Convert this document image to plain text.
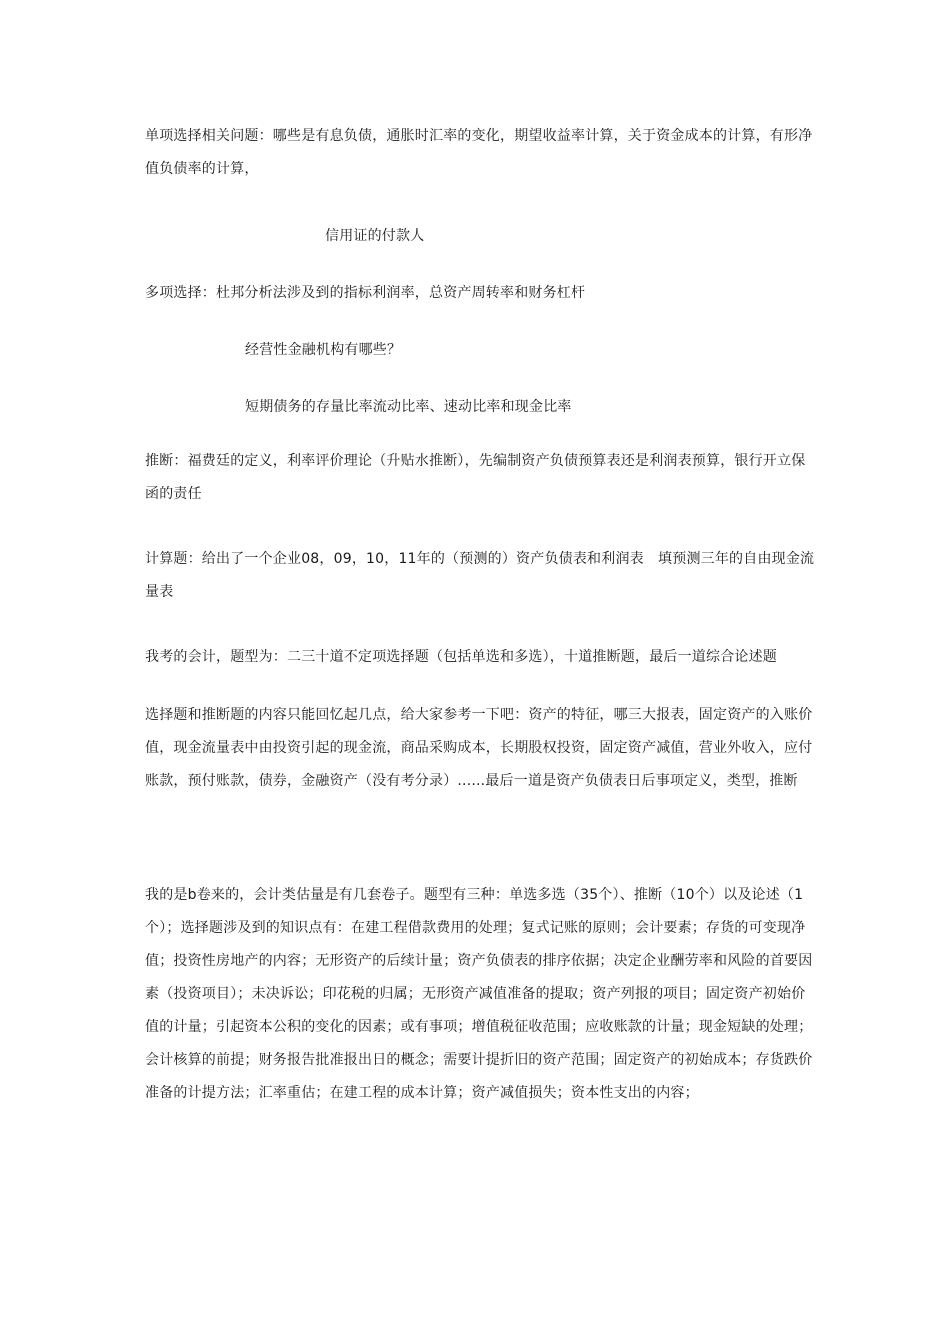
单项选择相关问题：哪些是有息负债，通胀时汇率的变化，期望收益率计算，关于资金成本的计算，有形净值负债率的计算，

信用证的付款人

多项选择：杜邦分析法涉及到的指标利润率，总资产周转率和财务杠杆

经营性金融机构有哪些？

短期债务的存量比率流动比率、速动比率和现金比率

推断：福费廷的定义，利率评价理论（升贴水推断），先编制资产负债预算表还是利润表预算，银行开立保函的责任

计算题：给出了一个企业08，09，10，11年的（预测的）资产负债表和利润表　填预测三年的自由现金流量表

我考的会计，题型为：二三十道不定项选择题（包括单选和多选），十道推断题，最后一道综合论述题

选择题和推断题的内容只能回忆起几点，给大家参考一下吧：资产的特征，哪三大报表，固定资产的入账价值，现金流量表中由投资引起的现金流，商品采购成本，长期股权投资，固定资产减值，营业外收入，应付账款，预付账款，债券，金融资产（没有考分录）......最后一道是资产负债表日后事项定义，类型，推断

我的是b卷来的，会计类估量是有几套卷子。题型有三种：单选多选（35个）、推断（10个）以及论述（1个）；选择题涉及到的知识点有：在建工程借款费用的处理；复式记账的原则；会计要素；存货的可变现净值；投资性房地产的内容；无形资产的后续计量；资产负债表的排序依据；决定企业酬劳率和风险的首要因素（投资项目）；未决诉讼；印花税的归属；无形资产减值准备的提取；资产列报的项目；固定资产初始价值的计量；引起资本公积的变化的因素；或有事项；增值税征收范围；应收账款的计量；现金短缺的处理；会计核算的前提；财务报告批准报出日的概念；需要计提折旧的资产范围；固定资产的初始成本；存货跌价准备的计提方法；汇率重估；在建工程的成本计算；资产减值损失；资本性支出的内容；
